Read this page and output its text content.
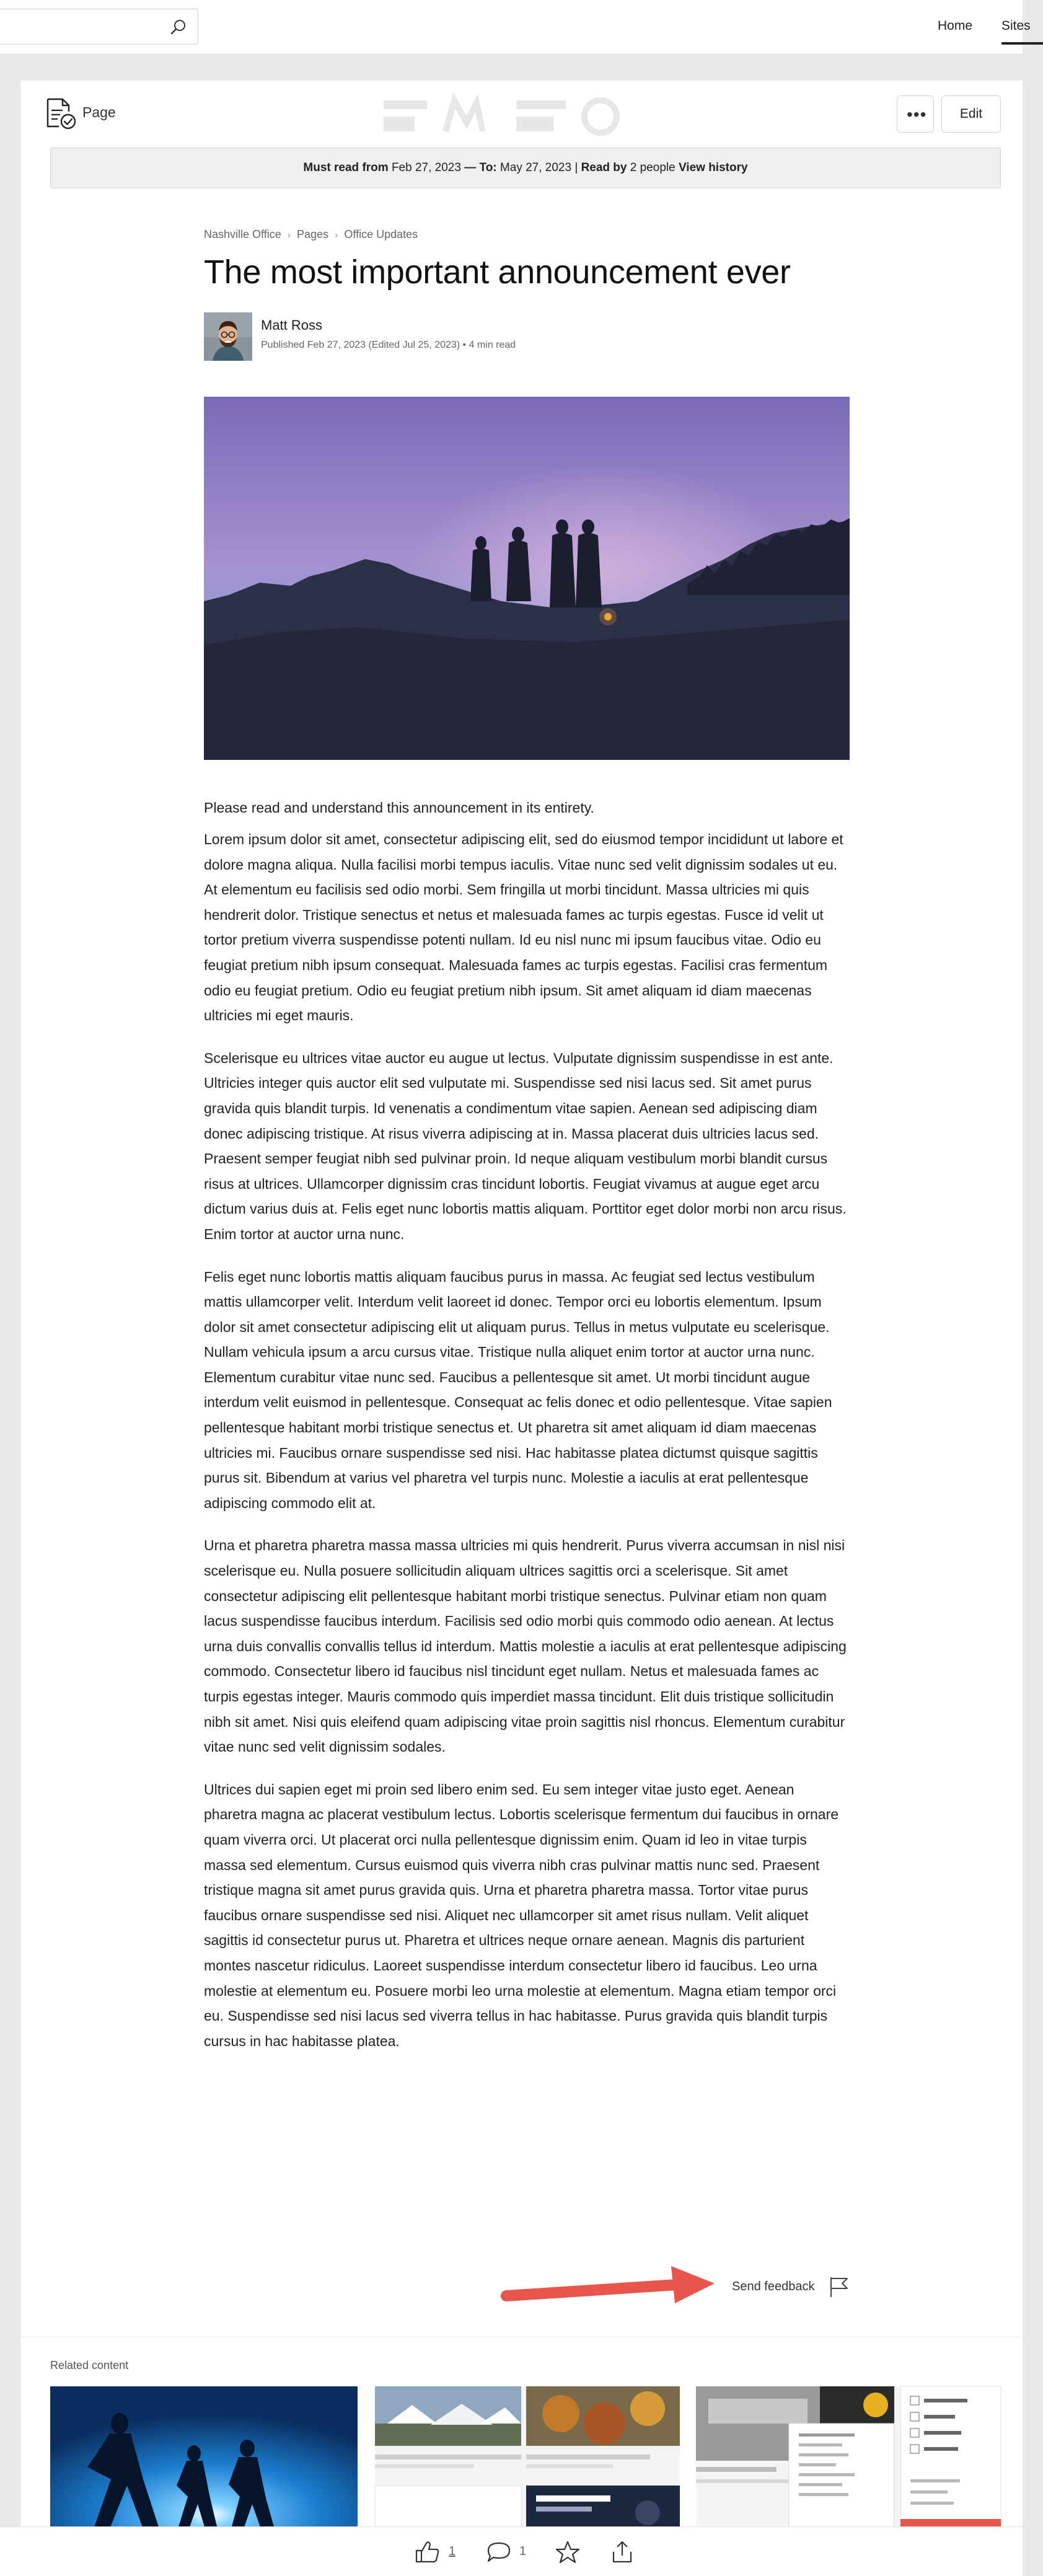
Home Sites
Page	•••	Edit
Must read from Feb 27, 2023 — To: May 27, 2023 | Read by 2 people View history
Nashville Office › Pages › Office Updates
The most important announcement ever
Matt Ross
Published Feb 27, 2023 (Edited Jul 25, 2023) • 4 min read

Please read and understand this announcement in its entirety.

Lorem ipsum dolor sit amet, consectetur adipiscing elit, sed do eiusmod tempor incididunt ut labore et dolore magna aliqua. Nulla facilisi morbi tempus iaculis. Vitae nunc sed velit dignissim sodales ut eu. At elementum eu facilisis sed odio morbi. Sem fringilla ut morbi tincidunt. Massa ultricies mi quis hendrerit dolor. Tristique senectus et netus et malesuada fames ac turpis egestas. Fusce id velit ut tortor pretium viverra suspendisse potenti nullam. Id eu nisl nunc mi ipsum faucibus vitae. Odio eu feugiat pretium nibh ipsum consequat. Malesuada fames ac turpis egestas. Facilisi cras fermentum odio eu feugiat pretium. Odio eu feugiat pretium nibh ipsum. Sit amet aliquam id diam maecenas ultricies mi eget mauris.

Scelerisque eu ultrices vitae auctor eu augue ut lectus. Vulputate dignissim suspendisse in est ante. Ultricies integer quis auctor elit sed vulputate mi. Suspendisse sed nisi lacus sed. Sit amet purus gravida quis blandit turpis. Id venenatis a condimentum vitae sapien. Aenean sed adipiscing diam donec adipiscing tristique. At risus viverra adipiscing at in. Massa placerat duis ultricies lacus sed. Praesent semper feugiat nibh sed pulvinar proin. Id neque aliquam vestibulum morbi blandit cursus risus at ultrices. Ullamcorper dignissim cras tincidunt lobortis. Feugiat vivamus at augue eget arcu dictum varius duis at. Felis eget nunc lobortis mattis aliquam. Porttitor eget dolor morbi non arcu risus. Enim tortor at auctor urna nunc.

Felis eget nunc lobortis mattis aliquam faucibus purus in massa. Ac feugiat sed lectus vestibulum mattis ullamcorper velit. Interdum velit laoreet id donec. Tempor orci eu lobortis elementum. Ipsum dolor sit amet consectetur adipiscing elit ut aliquam purus. Tellus in metus vulputate eu scelerisque. Nullam vehicula ipsum a arcu cursus vitae. Tristique nulla aliquet enim tortor at auctor urna nunc. Elementum curabitur vitae nunc sed. Faucibus a pellentesque sit amet. Ut morbi tincidunt augue interdum velit euismod in pellentesque. Consequat ac felis donec et odio pellentesque. Vitae sapien pellentesque habitant morbi tristique senectus et. Ut pharetra sit amet aliquam id diam maecenas ultricies mi. Faucibus ornare suspendisse sed nisi. Hac habitasse platea dictumst quisque sagittis purus sit. Bibendum at varius vel pharetra vel turpis nunc. Molestie a iaculis at erat pellentesque adipiscing commodo elit at.

Urna et pharetra pharetra massa massa ultricies mi quis hendrerit. Purus viverra accumsan in nisl nisi scelerisque eu. Nulla posuere sollicitudin aliquam ultrices sagittis orci a scelerisque. Sit amet consectetur adipiscing elit pellentesque habitant morbi tristique senectus. Pulvinar etiam non quam lacus suspendisse faucibus interdum. Facilisis sed odio morbi quis commodo odio aenean. At lectus urna duis convallis convallis tellus id interdum. Mattis molestie a iaculis at erat pellentesque adipiscing commodo. Consectetur libero id faucibus nisl tincidunt eget nullam. Netus et malesuada fames ac turpis egestas integer. Mauris commodo quis imperdiet massa tincidunt. Elit duis tristique sollicitudin nibh sit amet. Nisi quis eleifend quam adipiscing vitae proin sagittis nisl rhoncus. Elementum curabitur vitae nunc sed velit dignissim sodales.

Ultrices dui sapien eget mi proin sed libero enim sed. Eu sem integer vitae justo eget. Aenean pharetra magna ac placerat vestibulum lectus. Lobortis scelerisque fermentum dui faucibus in ornare quam viverra orci. Ut placerat orci nulla pellentesque dignissim enim. Quam id leo in vitae turpis massa sed elementum. Cursus euismod quis viverra nibh cras pulvinar mattis nunc sed. Praesent tristique magna sit amet purus gravida quis. Urna et pharetra pharetra massa. Tortor vitae purus faucibus ornare suspendisse sed nisi. Aliquet nec ullamcorper sit amet risus nullam. Velit aliquet sagittis id consectetur purus ut. Pharetra et ultrices neque ornare aenean. Magnis dis parturient montes nascetur ridiculus. Laoreet suspendisse interdum consectetur libero id faucibus. Leo urna molestie at elementum eu. Posuere morbi leo urna molestie at elementum. Magna etiam tempor orci eu. Suspendisse sed nisi lacus sed viverra tellus in hac habitasse. Purus gravida quis blandit turpis cursus in hac habitasse platea.

Send feedback
Related content
1	1
